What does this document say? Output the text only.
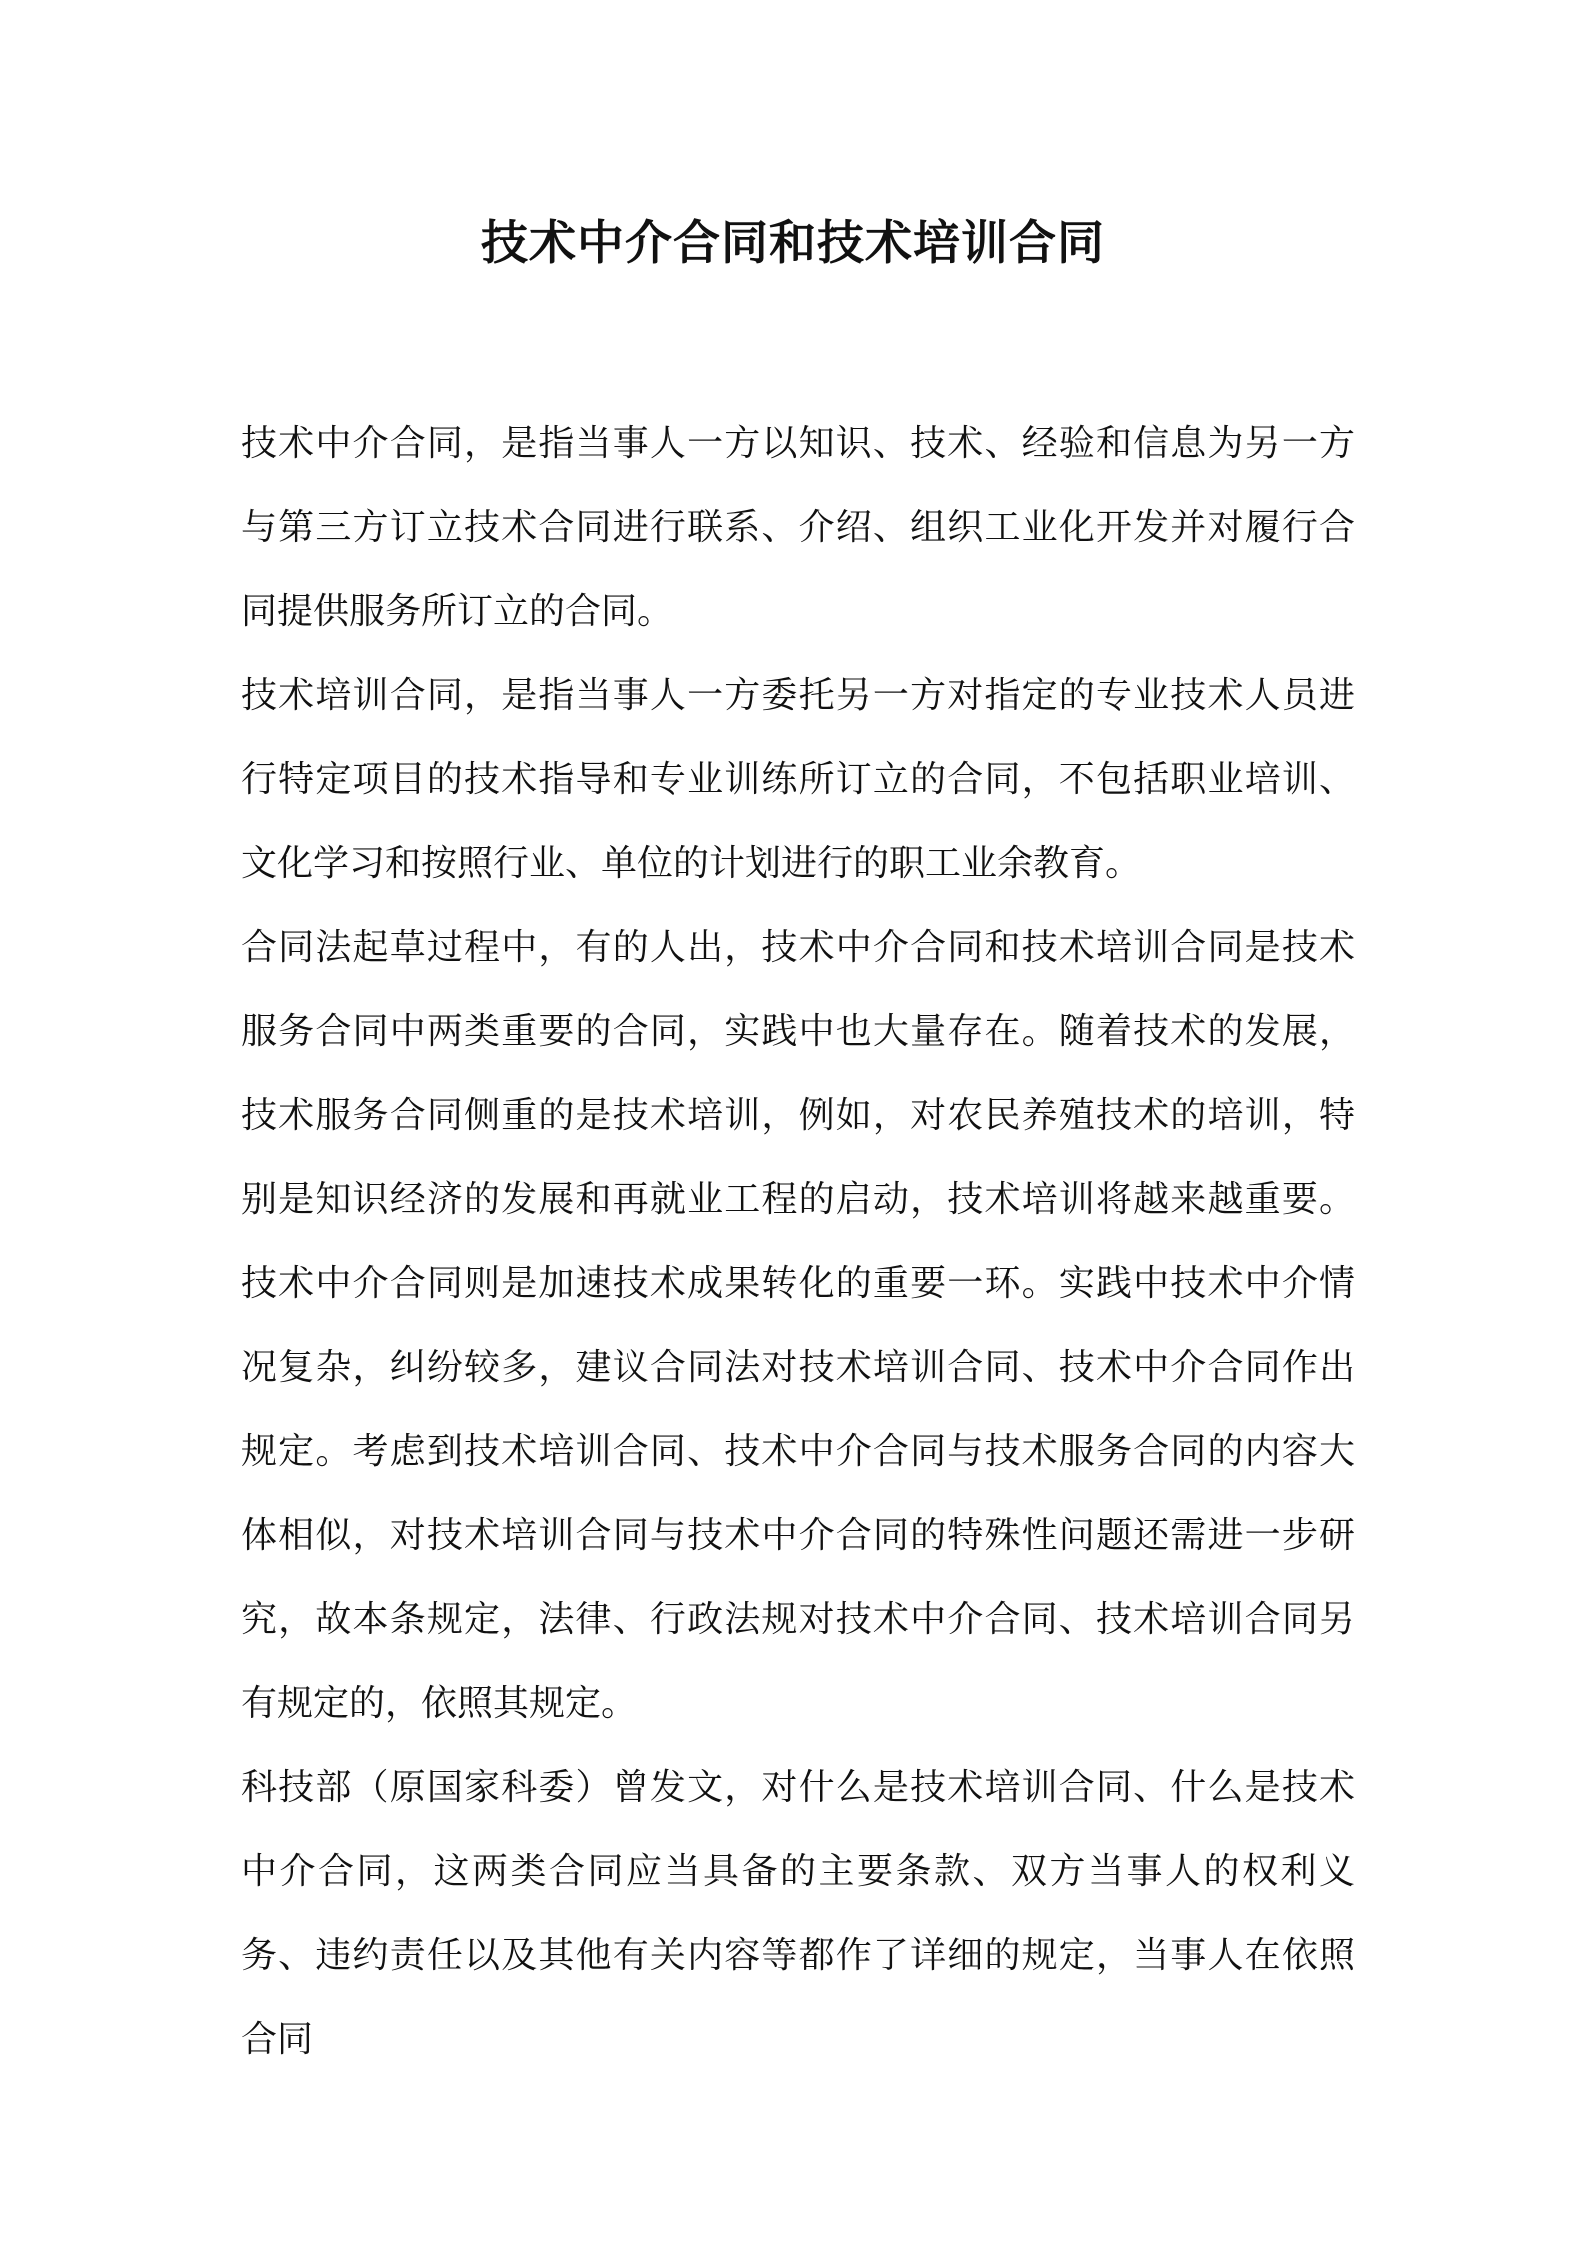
技术中介合同和技术培训合同

技术中介合同，是指当事人一方以知识、技术、经验和信息为另一方与第三方订立技术合同进行联系、介绍、组织工业化开发并对履行合同提供服务所订立的合同。

技术培训合同，是指当事人一方委托另一方对指定的专业技术人员进行特定项目的技术指导和专业训练所订立的合同，不包括职业培训、文化学习和按照行业、单位的计划进行的职工业余教育。

合同法起草过程中，有的人出，技术中介合同和技术培训合同是技术服务合同中两类重要的合同，实践中也大量存在。随着技术的发展，技术服务合同侧重的是技术培训，例如，对农民养殖技术的培训，特别是知识经济的发展和再就业工程的启动，技术培训将越来越重要。技术中介合同则是加速技术成果转化的重要一环。实践中技术中介情况复杂，纠纷较多，建议合同法对技术培训合同、技术中介合同作出规定。考虑到技术培训合同、技术中介合同与技术服务合同的内容大体相似，对技术培训合同与技术中介合同的特殊性问题还需进一步研究，故本条规定，法律、行政法规对技术中介合同、技术培训合同另有规定的，依照其规定。

科技部（原国家科委）曾发文，对什么是技术培训合同、什么是技术中介合同，这两类合同应当具备的主要条款、双方当事人的权利义务、违约责任以及其他有关内容等都作了详细的规定，当事人在依照合同
